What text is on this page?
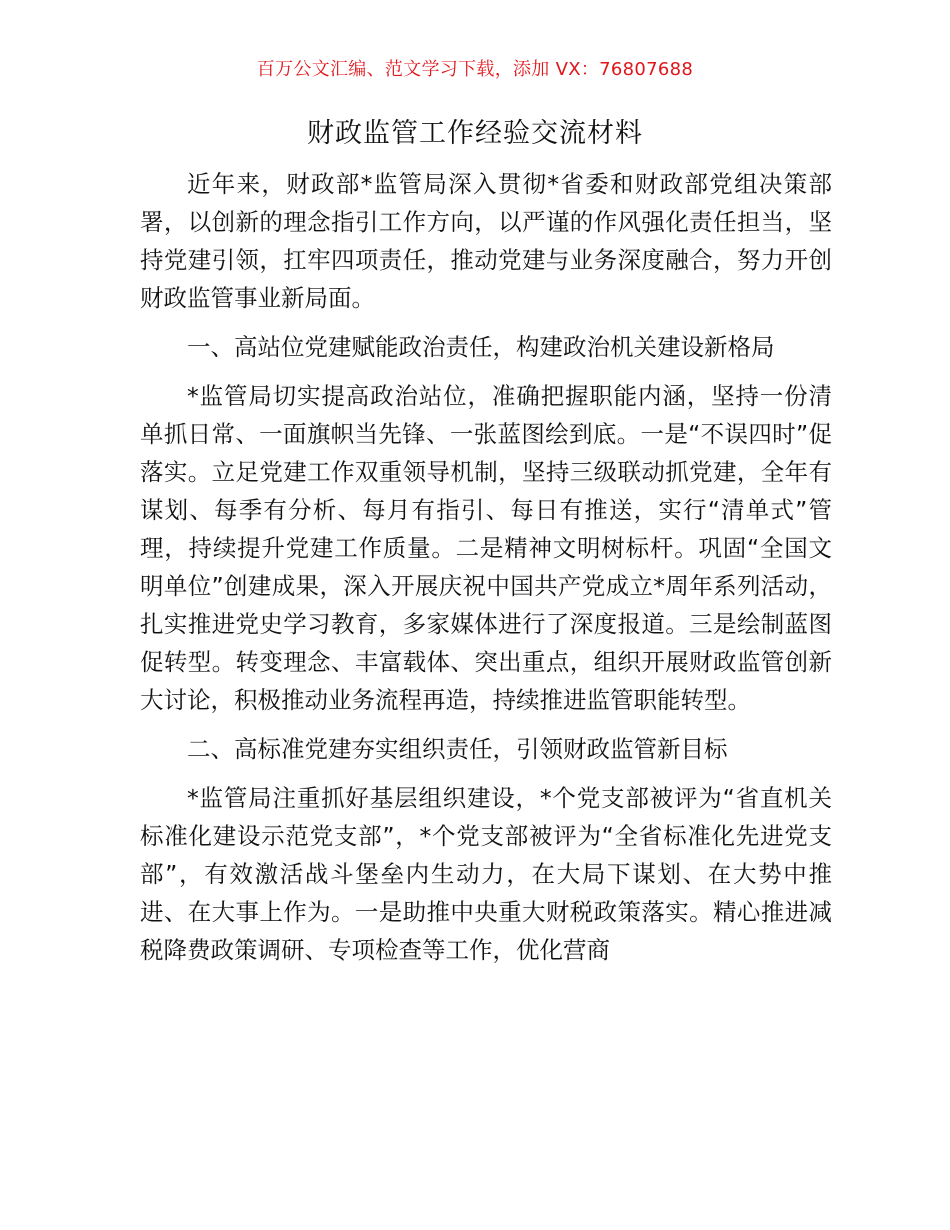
百万公文汇编、范文学习下载，添加 VX：76807688
财政监管工作经验交流材料

近年来，财政部*监管局深入贯彻*省委和财政部党组决策部署，以创新的理念指引工作方向，以严谨的作风强化责任担当，坚持党建引领，扛牢四项责任，推动党建与业务深度融合，努力开创财政监管事业新局面。

一、高站位党建赋能政治责任，构建政治机关建设新格局

*监管局切实提高政治站位，准确把握职能内涵，坚持一份清单抓日常、一面旗帜当先锋、一张蓝图绘到底。一是“不误四时”促落实。立足党建工作双重领导机制，坚持三级联动抓党建，全年有谋划、每季有分析、每月有指引、每日有推送，实行“清单式”管理，持续提升党建工作质量。二是精神文明树标杆。巩固“全国文明单位”创建成果，深入开展庆祝中国共产党成立*周年系列活动，扎实推进党史学习教育，多家媒体进行了深度报道。三是绘制蓝图促转型。转变理念、丰富载体、突出重点，组织开展财政监管创新大讨论，积极推动业务流程再造，持续推进监管职能转型。

二、高标准党建夯实组织责任，引领财政监管新目标

*监管局注重抓好基层组织建设，*个党支部被评为“省直机关标准化建设示范党支部”，*个党支部被评为“全省标准化先进党支部”，有效激活战斗堡垒内生动力，在大局下谋划、在大势中推进、在大事上作为。一是助推中央重大财税政策落实。精心推进减税降费政策调研、专项检查等工作，优化营商
